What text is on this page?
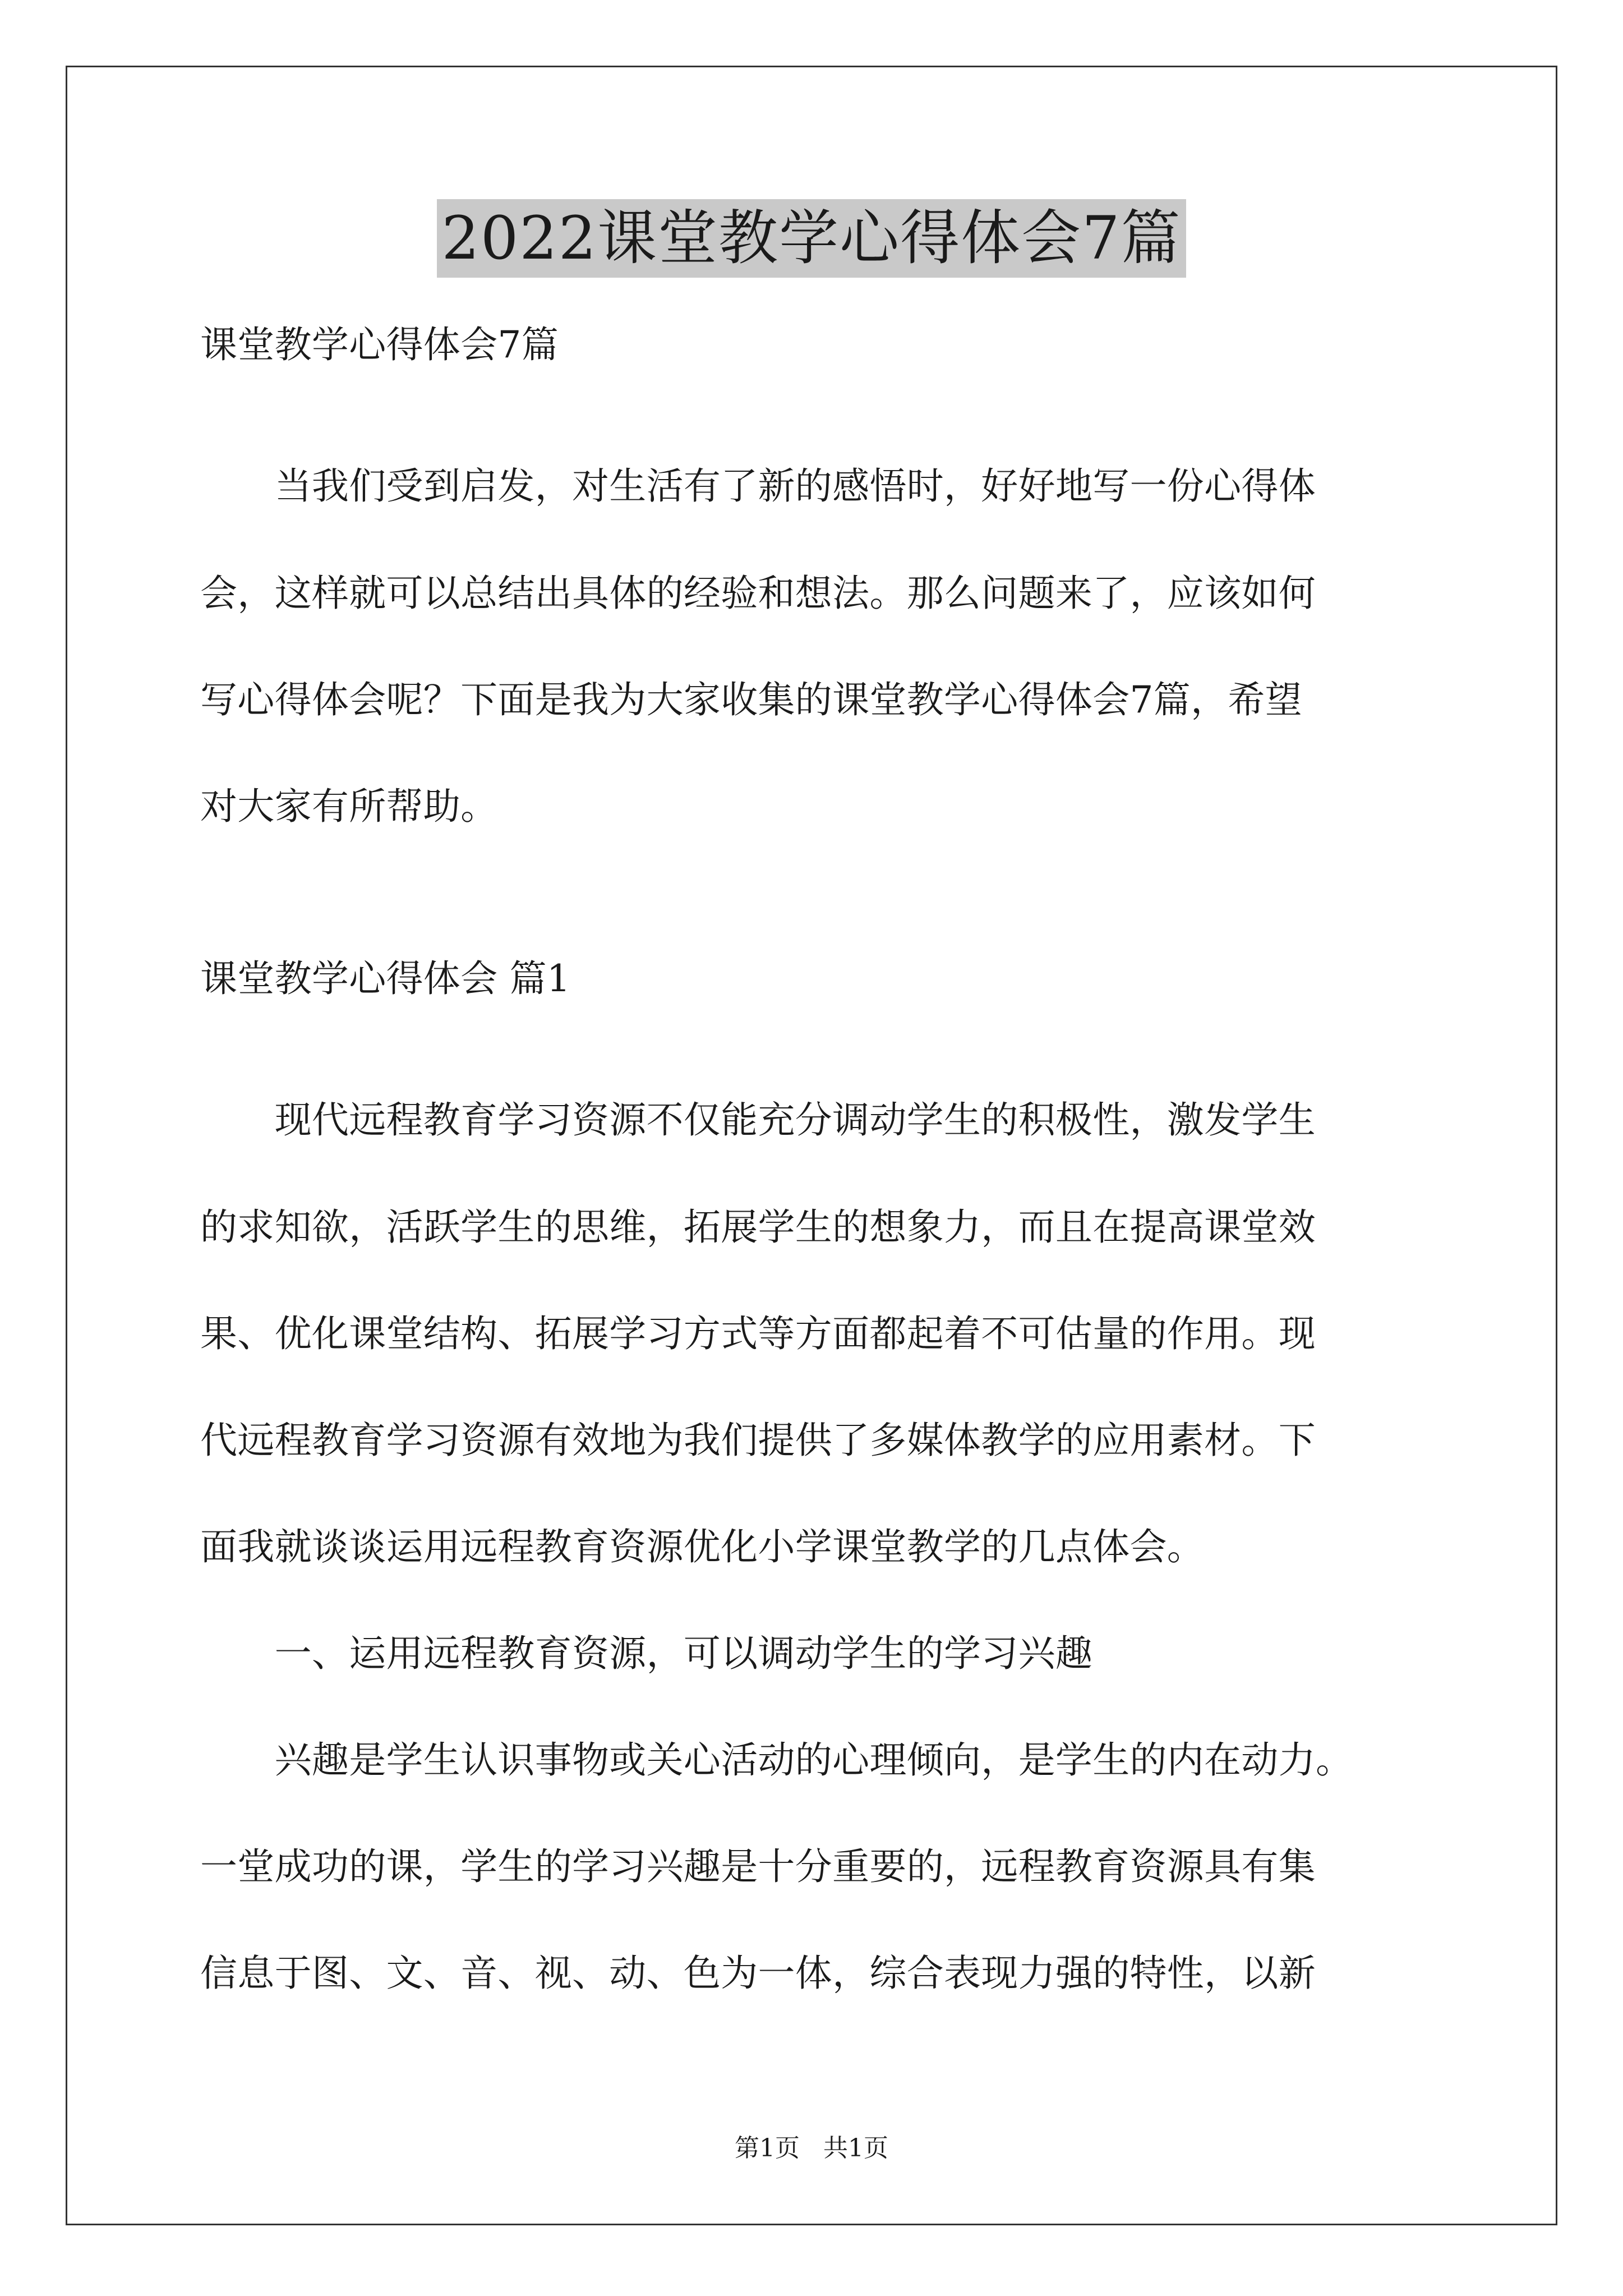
2022课堂教学心得体会7篇
课堂教学心得体会7篇
　　当我们受到启发，对生活有了新的感悟时，好好地写一份心得体
会，这样就可以总结出具体的经验和想法。那么问题来了，应该如何
写心得体会呢？下面是我为大家收集的课堂教学心得体会7篇，希望
对大家有所帮助。
课堂教学心得体会 篇1
　　现代远程教育学习资源不仅能充分调动学生的积极性，激发学生
的求知欲，活跃学生的思维，拓展学生的想象力，而且在提高课堂效
果、优化课堂结构、拓展学习方式等方面都起着不可估量的作用。现
代远程教育学习资源有效地为我们提供了多媒体教学的应用素材。下
面我就谈谈运用远程教育资源优化小学课堂教学的几点体会。
　　一、运用远程教育资源，可以调动学生的学习兴趣
　　兴趣是学生认识事物或关心活动的心理倾向，是学生的内在动力。
一堂成功的课，学生的学习兴趣是十分重要的，远程教育资源具有集
信息于图、文、音、视、动、色为一体，综合表现力强的特性，以新
第1页 共1页
